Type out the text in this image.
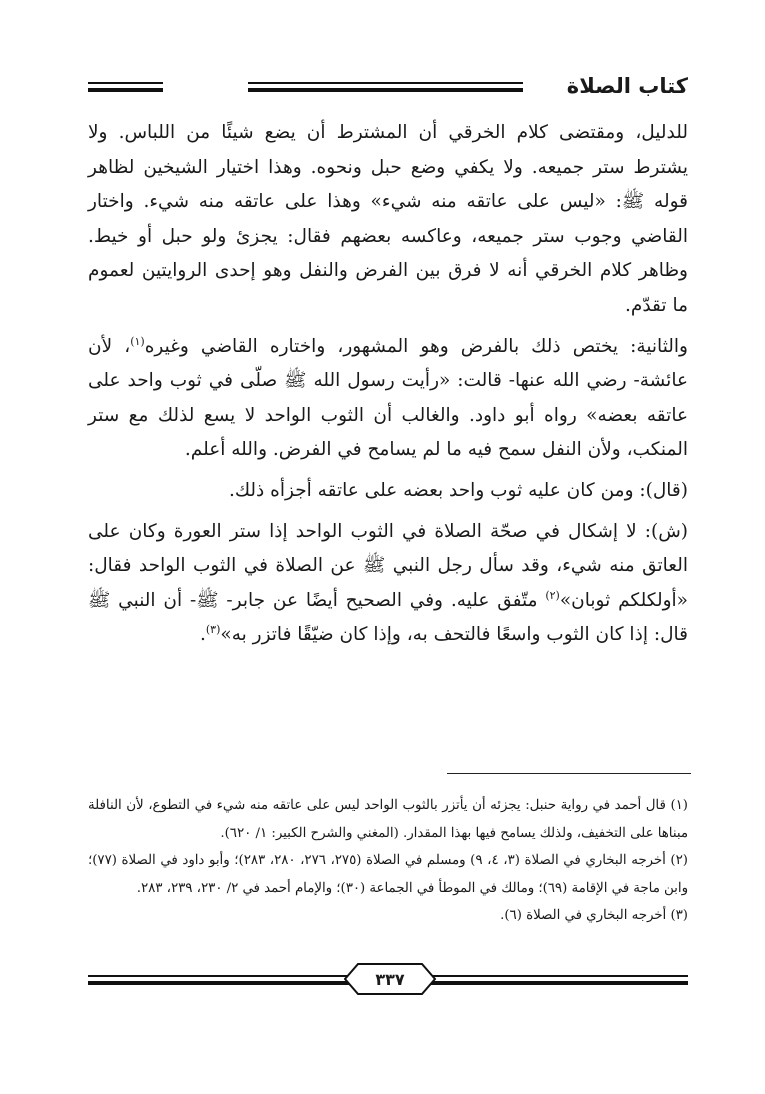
كتاب الصلاة

للدليل، ومقتضى كلام الخرقي أن المشترط أن يضع شيئًا من اللباس. ولا يشترط ستر جميعه. ولا يكفي وضع حبل ونحوه. وهذا اختيار الشيخين لظاهر قوله ﷺ: «ليس على عاتقه منه شيء» وهذا على عاتقه منه شيء. واختار القاضي وجوب ستر جميعه، وعاكسه بعضهم فقال: يجزئ ولو حبل أو خيط. وظاهر كلام الخرقي أنه لا فرق بين الفرض والنفل وهو إحدى الروايتين لعموم ما تقدّم.

والثانية: يختص ذلك بالفرض وهو المشهور، واختاره القاضي وغيره$^{(١)}$، لأن عائشة- رضي الله عنها- قالت: «رأيت رسول الله ﷺ صلّى في ثوب واحد على عاتقه بعضه» رواه أبو داود. والغالب أن الثوب الواحد لا يسع لذلك مع ستر المنكب، ولأن النفل سمح فيه ما لم يسامح في الفرض. والله أعلم.

(قال): ومن كان عليه ثوب واحد بعضه على عاتقه أجزأه ذلك.

(ش): لا إشكال في صحّة الصلاة في الثوب الواحد إذا ستر العورة وكان على العاتق منه شيء، وقد سأل رجل النبي ﷺ عن الصلاة في الثوب الواحد فقال: «أولكلكم ثوبان»$^{(٢)}$ متّفق عليه. وفي الصحيح أيضًا عن جابر- ﷺ- أن النبي ﷺ قال: إذا كان الثوب واسعًا فالتحف به، وإذا كان ضيّقًا فاتزر به»$^{(٣)}$.

(١) قال أحمد في رواية حنبل: يجزئه أن يأتزر بالثوب الواحد ليس على عاتقه منه شيء في التطوع، لأن النافلة مبناها على التخفيف، ولذلك يسامح فيها بهذا المقدار. (المغني والشرح الكبير: ١/ ٦٢٠).

(٢) أخرجه البخاري في الصلاة (٣، ٤، ٩) ومسلم في الصلاة (٢٧٥، ٢٧٦، ٢٨٠، ٢٨٣)؛ وأبو داود في الصلاة (٧٧)؛ وابن ماجة في الإقامة (٦٩)؛ ومالك في الموطأ في الجماعة (٣٠)؛ والإمام أحمد في ٢/ ٢٣٠، ٢٣٩، ٢٨٣.

(٣) أخرجه البخاري في الصلاة (٦).

٣٣٧
